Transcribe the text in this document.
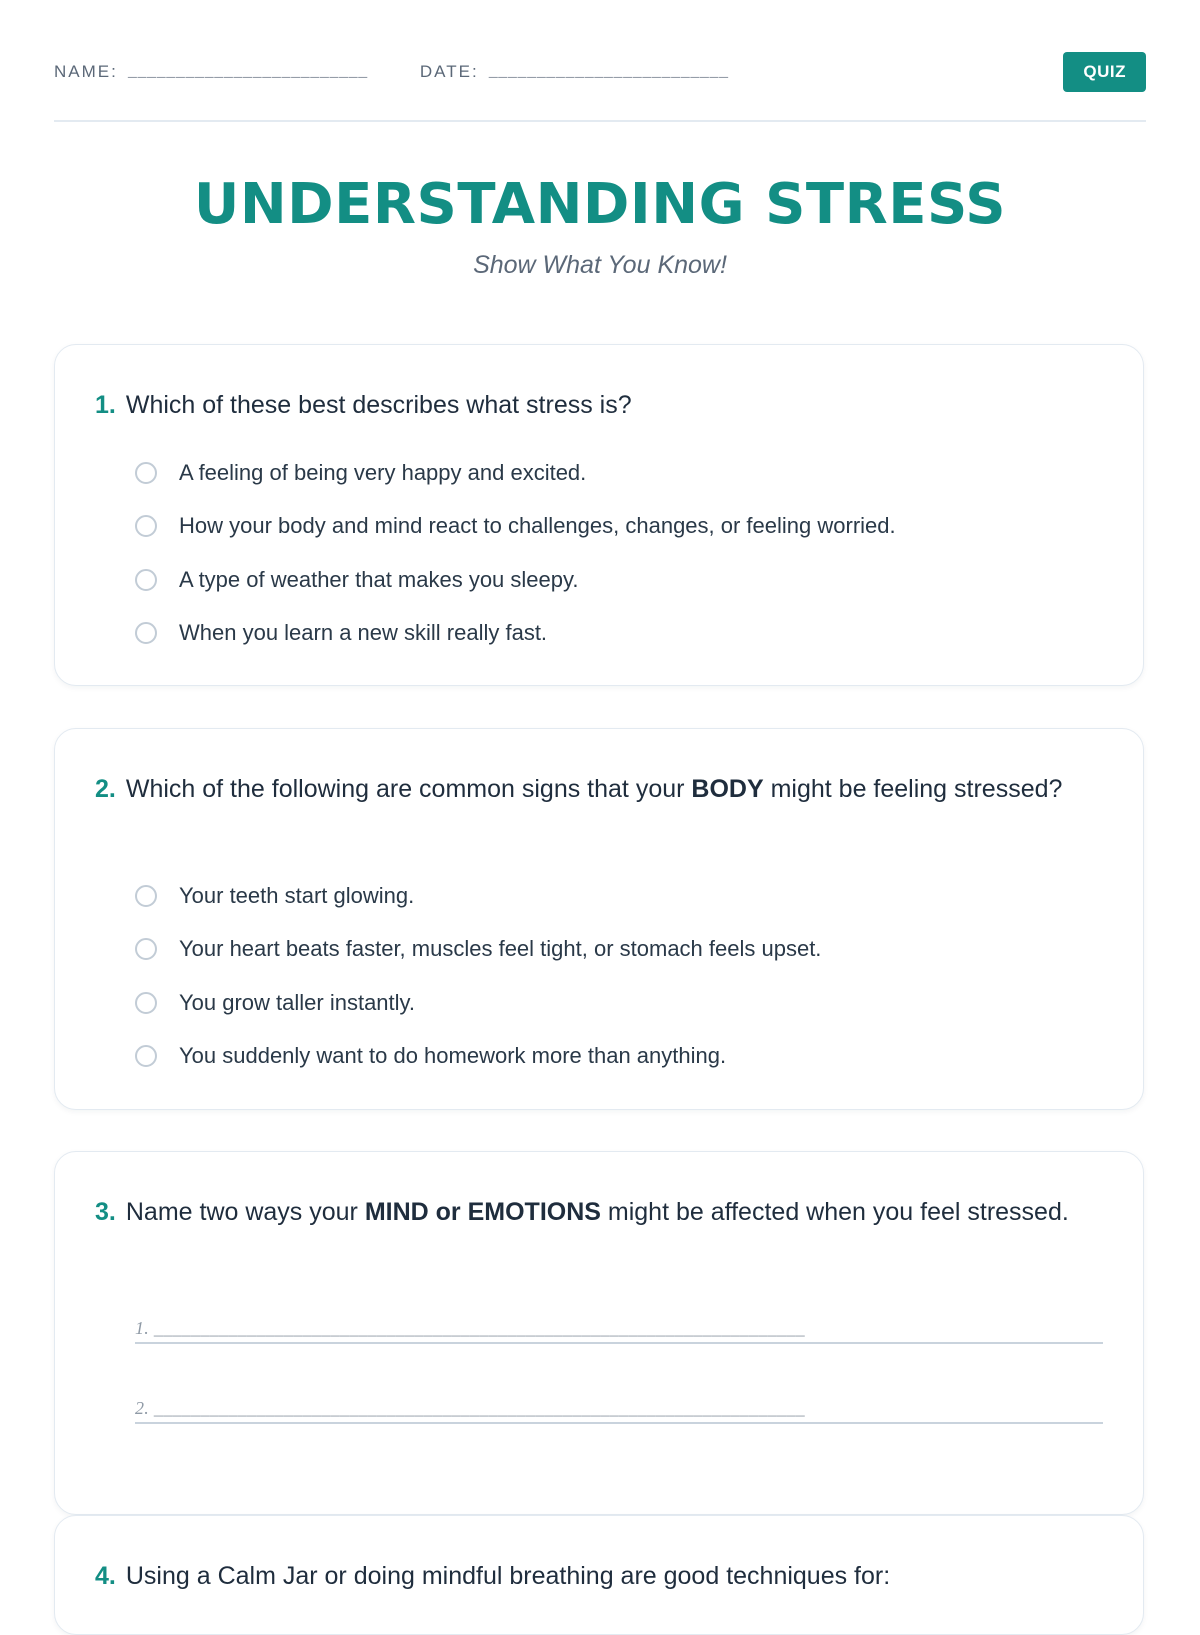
NAME: _________________________	DATE: _________________________	QUIZ
UNDERSTANDING STRESS
Show What You Know!
1. Which of these best describes what stress is?
A feeling of being very happy and excited.
How your body and mind react to challenges, changes, or feeling worried.
A type of weather that makes you sleepy.
When you learn a new skill really fast.
2. Which of the following are common signs that your BODY might be feeling stressed?
Your teeth start glowing.
Your heart beats faster, muscles feel tight, or stomach feels upset.
You grow taller instantly.
You suddenly want to do homework more than anything.
3. Name two ways your MIND or EMOTIONS might be affected when you feel stressed.
1. ______________________________________________________________________
2. ______________________________________________________________________
4. Using a Calm Jar or doing mindful breathing are good techniques for:
